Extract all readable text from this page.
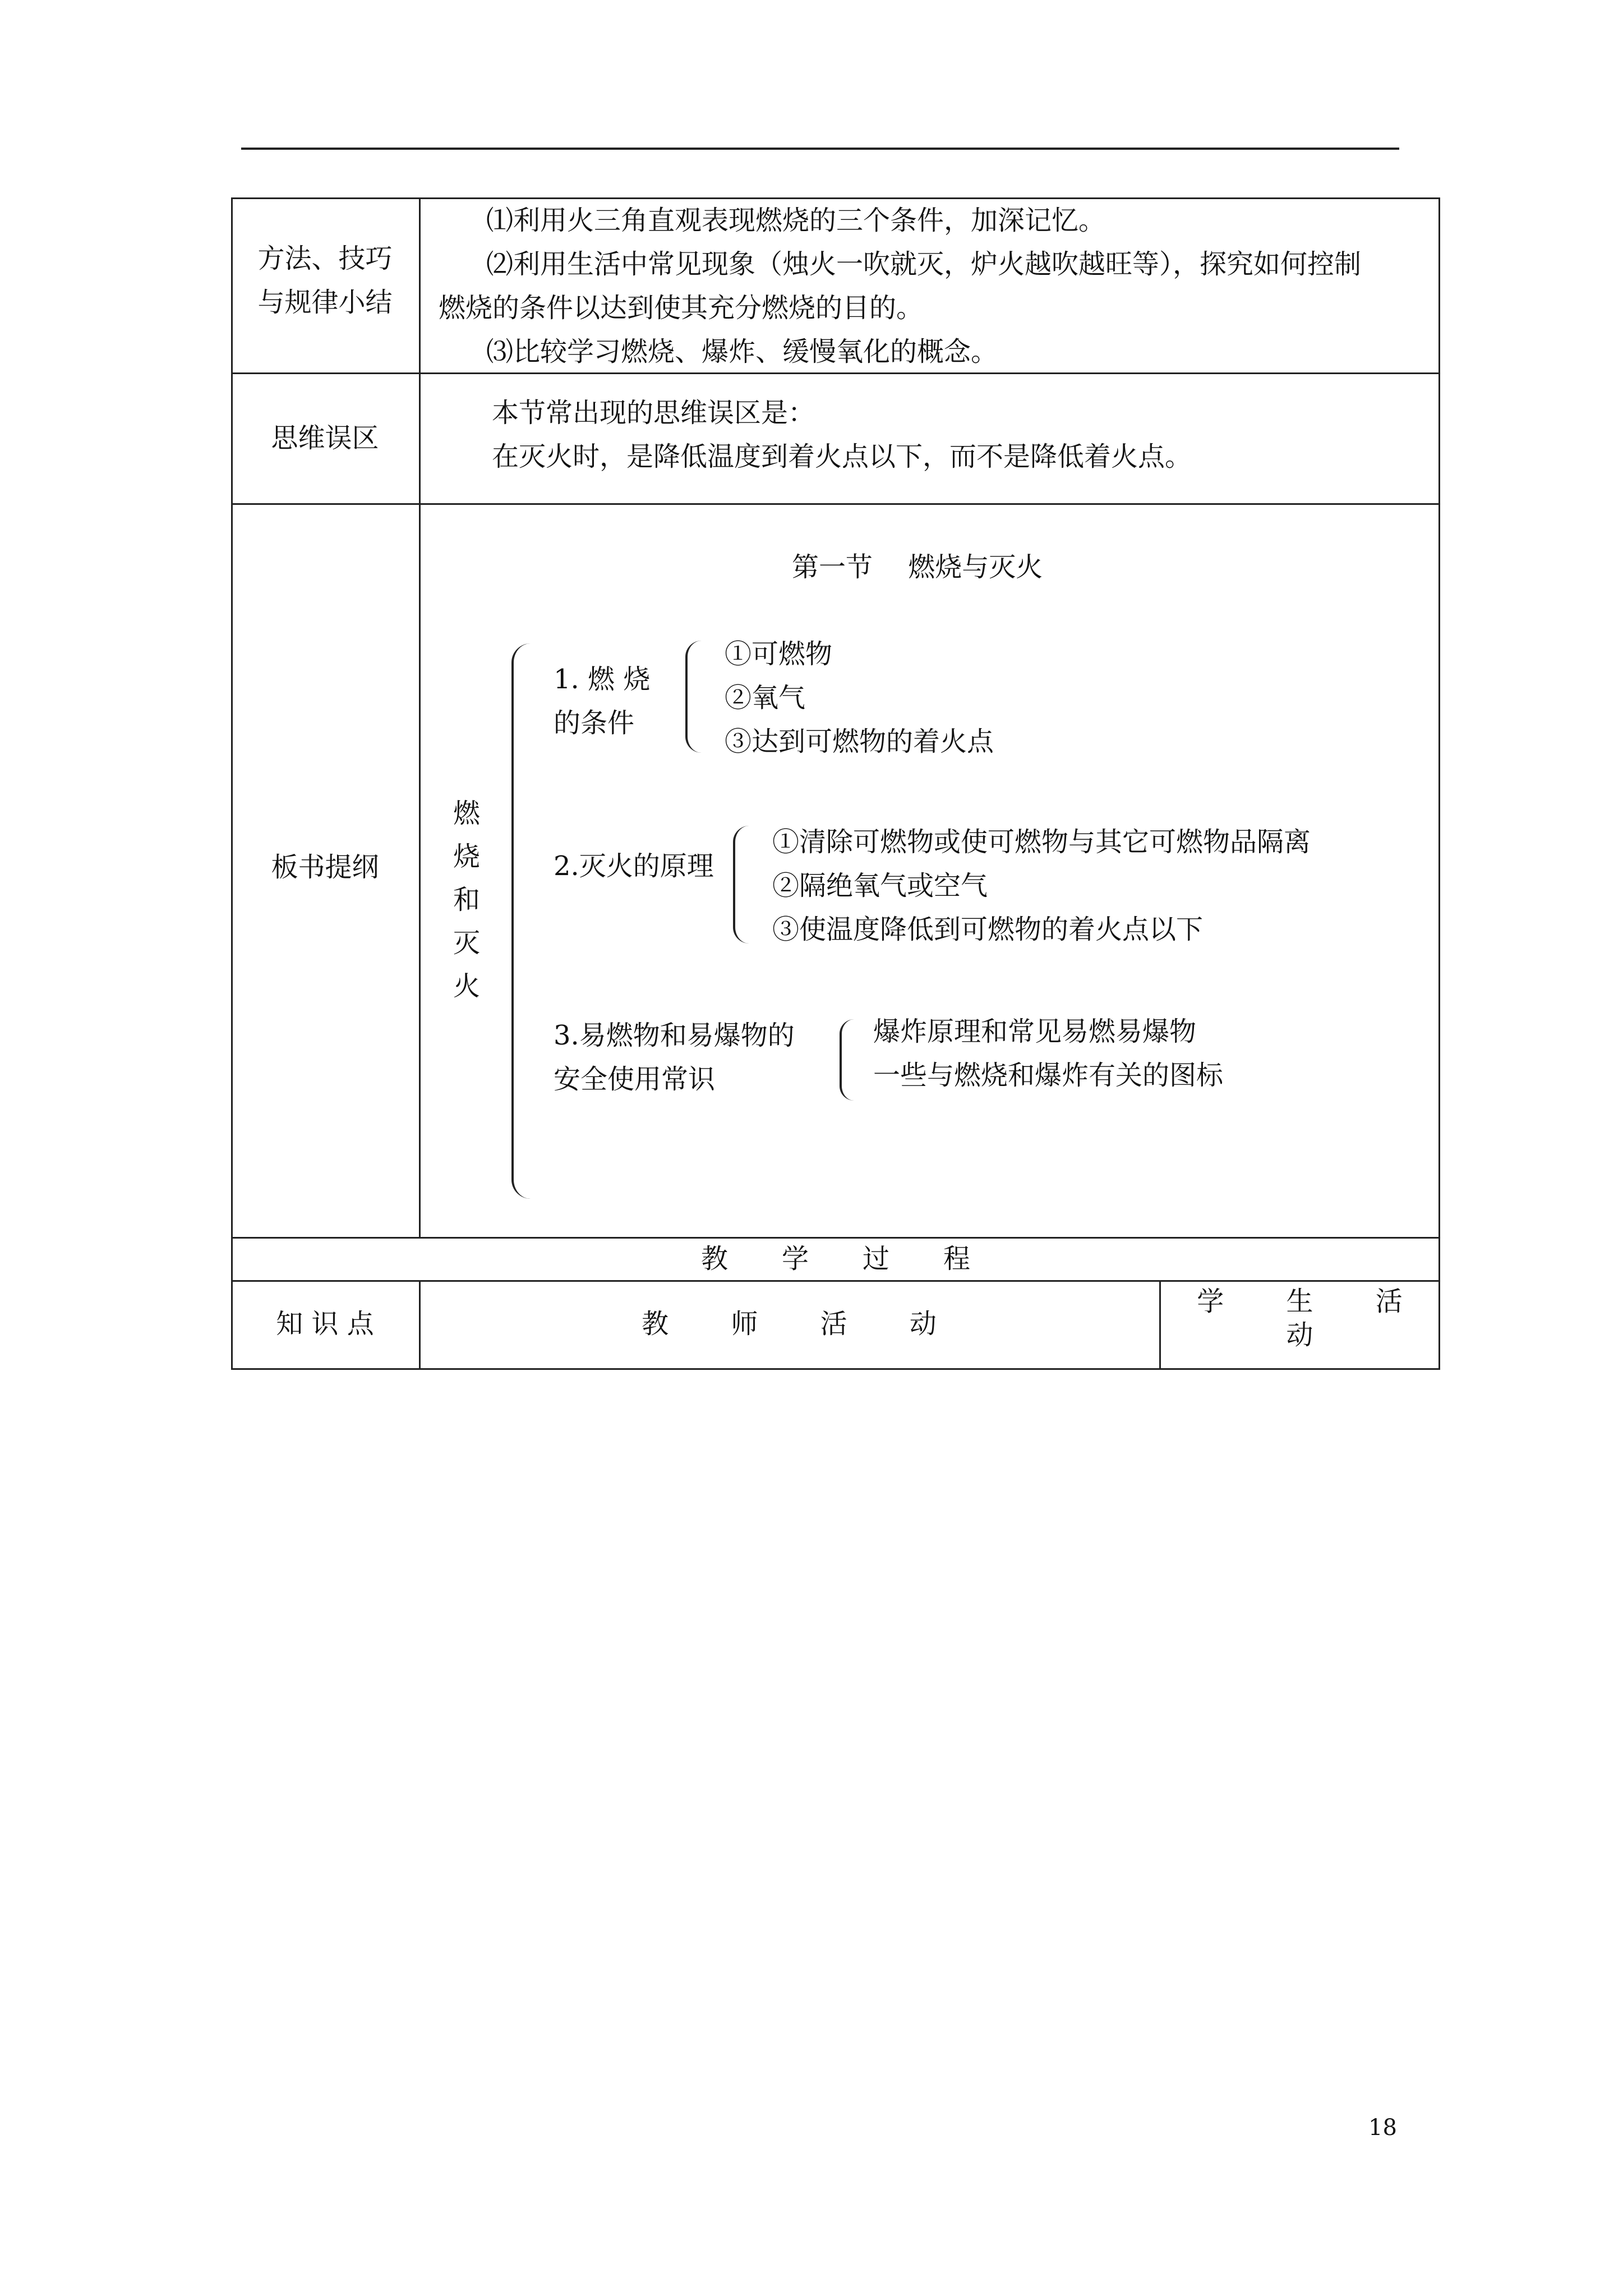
方法、技巧
与规律小结
⑴利用火三角直观表现燃烧的三个条件，加深记忆。
⑵利用生活中常见现象（烛火一吹就灭，炉火越吹越旺等），探究如何控制
燃烧的条件以达到使其充分燃烧的目的。
⑶比较学习燃烧、爆炸、缓慢氧化的概念。
思维误区
本节常出现的思维误区是：
在灭火时，是降低温度到着火点以下，而不是降低着火点。
板书提纲
第一节　 燃烧与灭火
燃
烧
和
灭
火
1. 燃 烧
的条件
①可燃物
②氧气
③达到可燃物的着火点
2.灭火的原理
①清除可燃物或使可燃物与其它可燃物品隔离
②隔绝氧气或空气
③使温度降低到可燃物的着火点以下
3.易燃物和易爆物的
安全使用常识
爆炸原理和常见易燃易爆物
一些与燃烧和爆炸有关的图标
教　　学　　过　　程
知 识 点	教　　 师　　 活　　 动
学　　 生　　 活
动
18
